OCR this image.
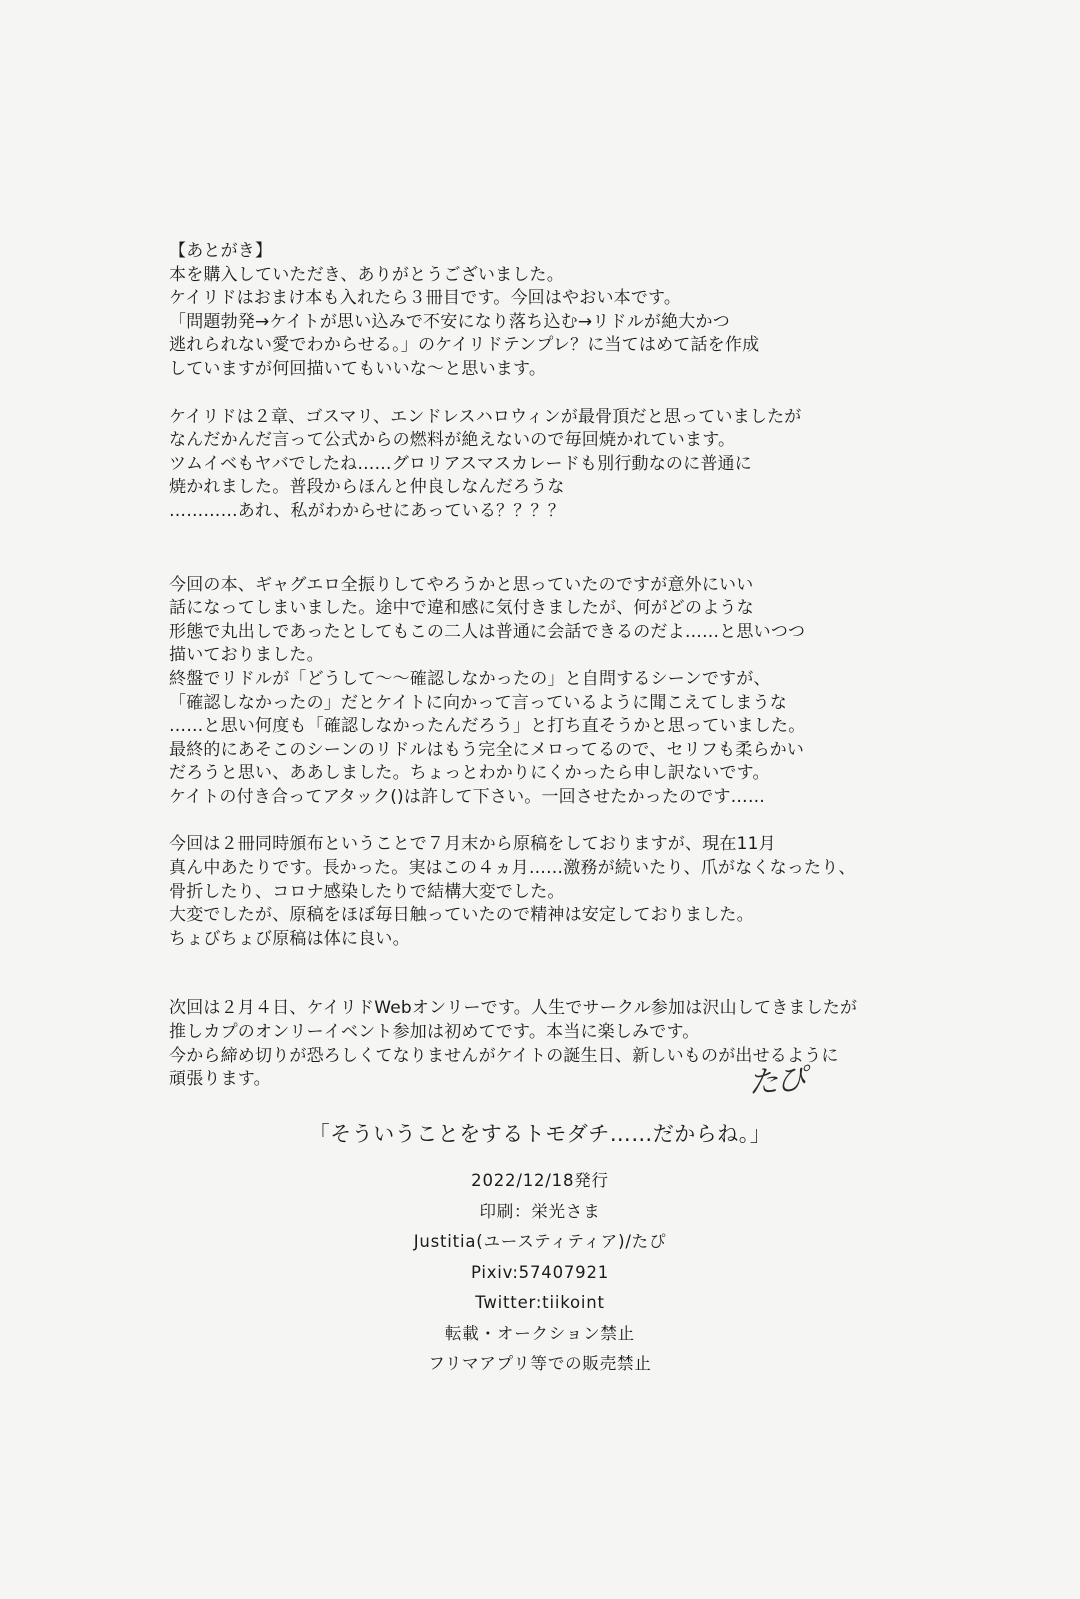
【あとがき】
本を購入していただき、ありがとうございました。
ケイリドはおまけ本も入れたら３冊目です。今回はやおい本です。
「問題勃発→ケイトが思い込みで不安になり落ち込む→リドルが絶大かつ
逃れられない愛でわからせる。」のケイリドテンプレ？に当てはめて話を作成
していますが何回描いてもいいな〜と思います。
ケイリドは２章、ゴスマリ、エンドレスハロウィンが最骨頂だと思っていましたが
なんだかんだ言って公式からの燃料が絶えないので毎回焼かれています。
ツムイベもヤバでしたね……グロリアスマスカレードも別行動なのに普通に
焼かれました。普段からほんと仲良しなんだろうな
…………あれ、私がわからせにあっている？？？？
今回の本、ギャグエロ全振りしてやろうかと思っていたのですが意外にいい
話になってしまいました。途中で違和感に気付きましたが、何がどのような
形態で丸出しであったとしてもこの二人は普通に会話できるのだよ……と思いつつ
描いておりました。
終盤でリドルが「どうして〜〜確認しなかったの」と自問するシーンですが、
「確認しなかったの」だとケイトに向かって言っているように聞こえてしまうな
……と思い何度も「確認しなかったんだろう」と打ち直そうかと思っていました。
最終的にあそこのシーンのリドルはもう完全にメロってるので、セリフも柔らかい
だろうと思い、ああしました。ちょっとわかりにくかったら申し訳ないです。
ケイトの付き合ってアタック()は許して下さい。一回させたかったのです……
今回は２冊同時頒布ということで７月末から原稿をしておりますが、現在11月
真ん中あたりです。長かった。実はこの４ヵ月……激務が続いたり、爪がなくなったり、
骨折したり、コロナ感染したりで結構大変でした。
大変でしたが、原稿をほぼ毎日触っていたので精神は安定しておりました。
ちょびちょび原稿は体に良い。
次回は２月４日、ケイリドWebオンリーです。人生でサークル参加は沢山してきましたが
推しカプのオンリーイベント参加は初めてです。本当に楽しみです。
今から締め切りが恐ろしくてなりませんがケイトの誕生日、新しいものが出せるように
頑張ります。	たぴ
「そういうことをするトモダチ……だからね。」
2022/12/18発行
印刷：栄光さま
Justitia(ユースティティア)/たぴ
Pixiv:57407921
Twitter:tiikoint
転載・オークション禁止
フリマアプリ等での販売禁止
